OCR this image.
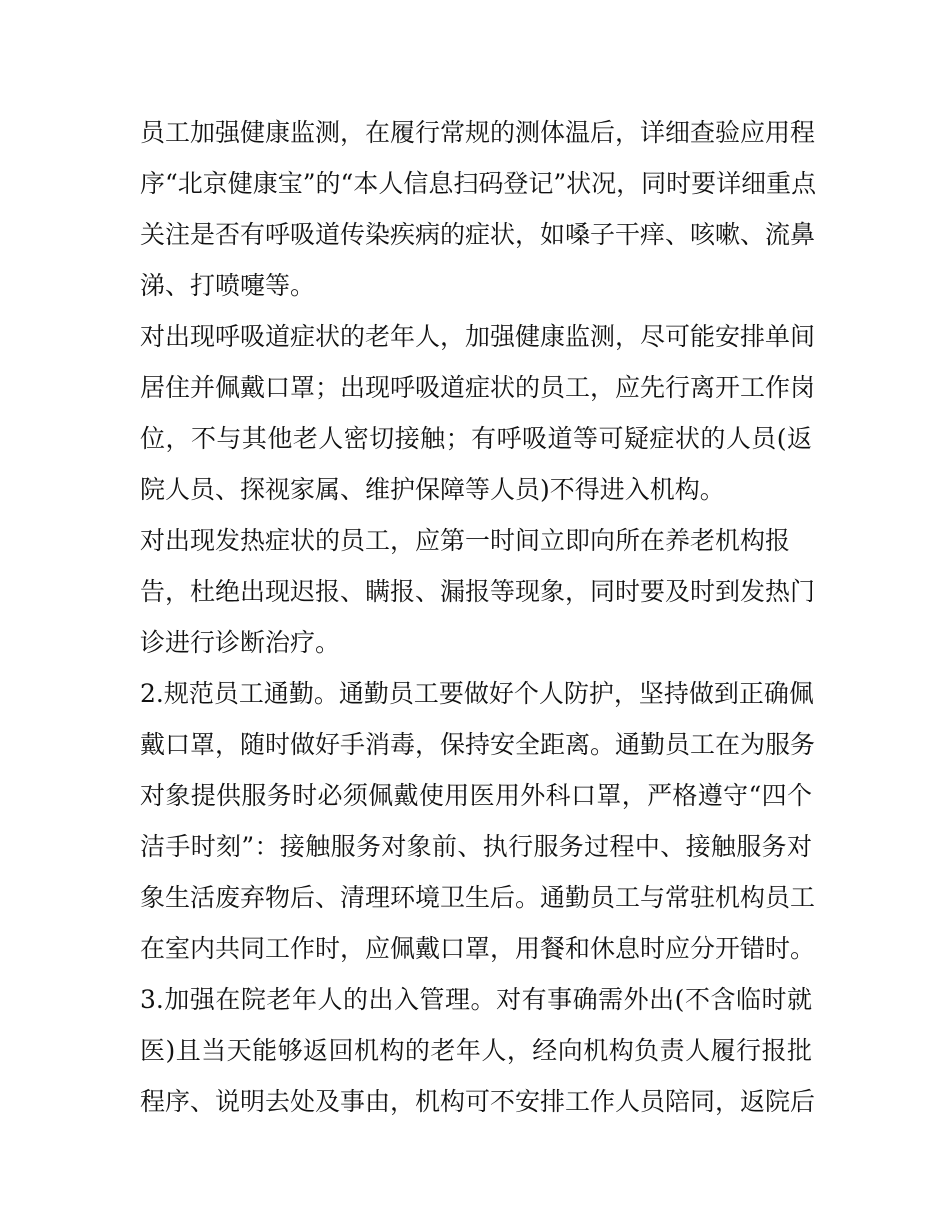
员工加强健康监测，在履行常规的测体温后，详细查验应用程
序“北京健康宝”的“本人信息扫码登记”状况，同时要详细重点
关注是否有呼吸道传染疾病的症状，如嗓子干痒、咳嗽、流鼻
涕、打喷嚏等。
对出现呼吸道症状的老年人，加强健康监测，尽可能安排单间
居住并佩戴口罩；出现呼吸道症状的员工，应先行离开工作岗
位，不与其他老人密切接触；有呼吸道等可疑症状的人员(返
院人员、探视家属、维护保障等人员)不得进入机构。
对出现发热症状的员工，应第一时间立即向所在养老机构报
告，杜绝出现迟报、瞒报、漏报等现象，同时要及时到发热门
诊进行诊断治疗。
2.规范员工通勤。通勤员工要做好个人防护，坚持做到正确佩
戴口罩，随时做好手消毒，保持安全距离。通勤员工在为服务
对象提供服务时必须佩戴使用医用外科口罩，严格遵守“四个
洁手时刻”：接触服务对象前、执行服务过程中、接触服务对
象生活废弃物后、清理环境卫生后。通勤员工与常驻机构员工
在室内共同工作时，应佩戴口罩，用餐和休息时应分开错时。
3.加强在院老年人的出入管理。对有事确需外出(不含临时就
医)且当天能够返回机构的老年人，经向机构负责人履行报批
程序、说明去处及事由，机构可不安排工作人员陪同，返院后
